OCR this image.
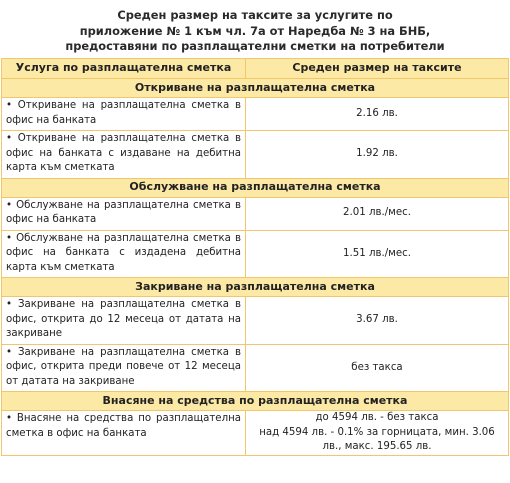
Среден размер на таксите за услугите по
приложение № 1 към чл. 7а от Наредба № 3 на БНБ,
предоставяни по разплащателни сметки на потребители
Услуга по разплащателна сметка	Среден размер на таксите
Откриване на разплащателна сметка	
• Откриване на разплащателна сметка в офис на банката	2.16 лв.
• Откриване на разплащателна сметка в офис на банката с издаване на дебитна карта към сметката	1.92 лв.
Обслужване на разплащателна сметка	
• Обслужване на разплащателна сметка в офис на банката	2.01 лв./мес.
• Обслужване на разплащателна сметка в офис на банката с издадена дебитна карта към сметката	1.51 лв./мес.
Закриване на разплащателна сметка	
• Закриване на разплащателна сметка в офис, открита до 12 месеца от датата на закриване	3.67 лв.
• Закриване на разплащателна сметка в офис, открита преди повече от 12 месеца от датата на закриване	без такса
Внасяне на средства по разплащателна сметка	
• Внасяне на средства по разплащателна сметка в офис на банката	до 4594 лв. - без такса
над 4594 лв. - 0.1% за горницата, мин. 3.06 лв., макс. 195.65 лв.
